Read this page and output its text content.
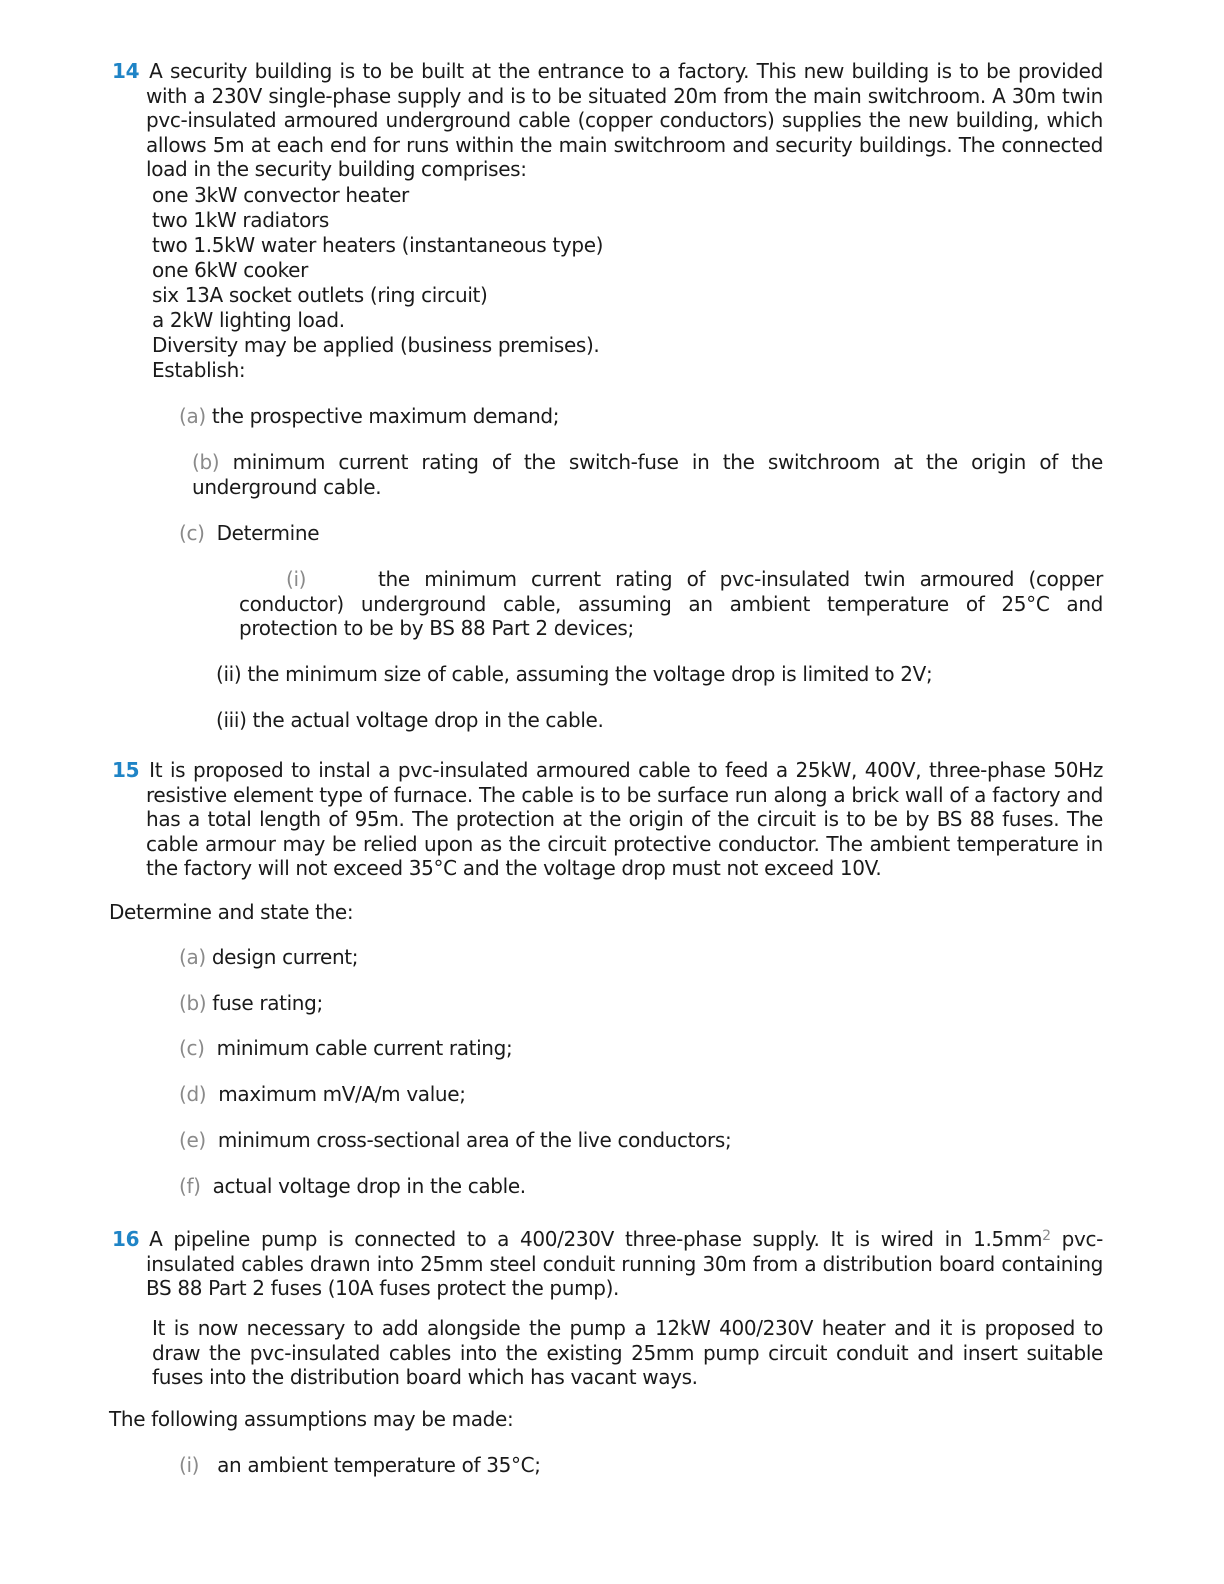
14 A security building is to be built at the entrance to a factory. This new building is to be provided with a 230V single-phase supply and is to be situated 20m from the main switchroom. A 30m twin pvc-insulated armoured underground cable (copper conductors) supplies the new building, which allows 5m at each end for runs within the main switchroom and security buildings. The connected load in the security building comprises:

one 3kW convector heater
two 1kW radiators
two 1.5kW water heaters (instantaneous type)
one 6kW cooker
six 13A socket outlets (ring circuit)
a 2kW lighting load.
Diversity may be applied (business premises).
Establish:
(a) the prospective maximum demand;
(b) minimum current rating of the switch-fuse in the switchroom at the origin of the underground cable.
(c) Determine
(i)	the minimum current rating of pvc-insulated twin armoured (copper conductor) underground cable, assuming an ambient temperature of 25°C and protection to be by BS 88 Part 2 devices;
(ii) the minimum size of cable, assuming the voltage drop is limited to 2V;
(iii) the actual voltage drop in the cable.

15 It is proposed to instal a pvc-insulated armoured cable to feed a 25kW, 400V, three-phase 50Hz resistive element type of furnace. The cable is to be surface run along a brick wall of a factory and has a total length of 95m. The protection at the origin of the circuit is to be by BS 88 fuses. The cable armour may be relied upon as the circuit protective conductor. The ambient temperature in the factory will not exceed 35°C and the voltage drop must not exceed 10V.

Determine and state the:
(a) design current;
(b) fuse rating;
(c) minimum cable current rating;
(d) maximum mV/A/m value;
(e) minimum cross-sectional area of the live conductors;
(f) actual voltage drop in the cable.

16 A pipeline pump is connected to a 400/230V three-phase supply. It is wired in $1.5mm^2$ pvc-insulated cables drawn into 25mm steel conduit running 30m from a distribution board containing BS 88 Part 2 fuses (10A fuses protect the pump).

It is now necessary to add alongside the pump a 12kW 400/230V heater and it is proposed to draw the pvc-insulated cables into the existing 25mm pump circuit conduit and insert suitable fuses into the distribution board which has vacant ways.

The following assumptions may be made:
(i) an ambient temperature of 35°C;
